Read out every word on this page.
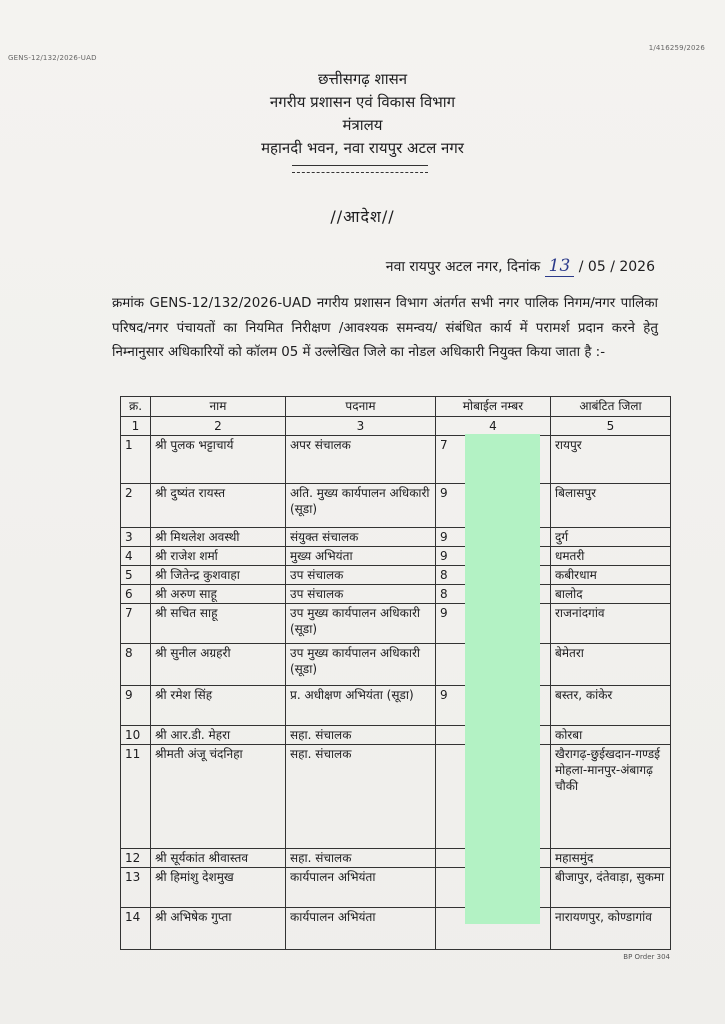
GENS-12/132/2026-UAD
1/416259/2026
छत्तीसगढ़ शासन
नगरीय प्रशासन एवं विकास विभाग
मंत्रालय
महानदी भवन, नवा रायपुर अटल नगर
//आदेश//
नवा रायपुर अटल नगर, दिनांक 13 / 05 / 2026
क्रमांक GENS-12/132/2026-UAD नगरीय प्रशासन विभाग अंतर्गत सभी नगर पालिक निगम/नगर पालिका परिषद/नगर पंचायतों का नियमित निरीक्षण /आवश्यक समन्वय/ संबंधित कार्य में परामर्श प्रदान करने हेतु निम्नानुसार अधिकारियों को कॉलम 05 में उल्लेखित जिले का नोडल अधिकारी नियुक्त किया जाता है :-
क्र.	नाम	पदनाम	मोबाईल नम्बर	आबंटित जिला
1	2	3	4	5
1	श्री पुलक भट्टाचार्य	अपर संचालक	7	रायपुर
2	श्री दुष्यंत रायस्त	अति. मुख्य कार्यपालन अधिकारी (सूडा)	9	बिलासपुर
3	श्री मिथलेश अवस्थी	संयुक्त संचालक	9	दुर्ग
4	श्री राजेश शर्मा	मुख्य अभियंता	9	धमतरी
5	श्री जितेन्द्र कुशवाहा	उप संचालक	8	कबीरधाम
6	श्री अरुण साहू	उप संचालक	8	बालोद
7	श्री सचित साहू	उप मुख्य कार्यपालन अधिकारी (सूडा)	9	राजनांदगांव
8	श्री सुनील अग्रहरी	उप मुख्य कार्यपालन अधिकारी (सूडा)		बेमेतरा
9	श्री रमेश सिंह	प्र. अधीक्षण अभियंता (सूडा)	9	बस्तर, कांकेर
10	श्री आर.डी. मेहरा	सहा. संचालक		कोरबा
11	श्रीमती अंजू चंदनिहा	सहा. संचालक		खैरागढ़-छुईखदान-गण्डई मोहला-मानपुर-अंबागढ़ चौकी
12	श्री सूर्यकांत श्रीवास्तव	सहा. संचालक		महासमुंद
13	श्री हिमांशु देशमुख	कार्यपालन अभियंता		बीजापुर, दंतेवाड़ा, सुकमा
14	श्री अभिषेक गुप्ता	कार्यपालन अभियंता		नारायणपुर, कोण्डागांव
BP Order 304
